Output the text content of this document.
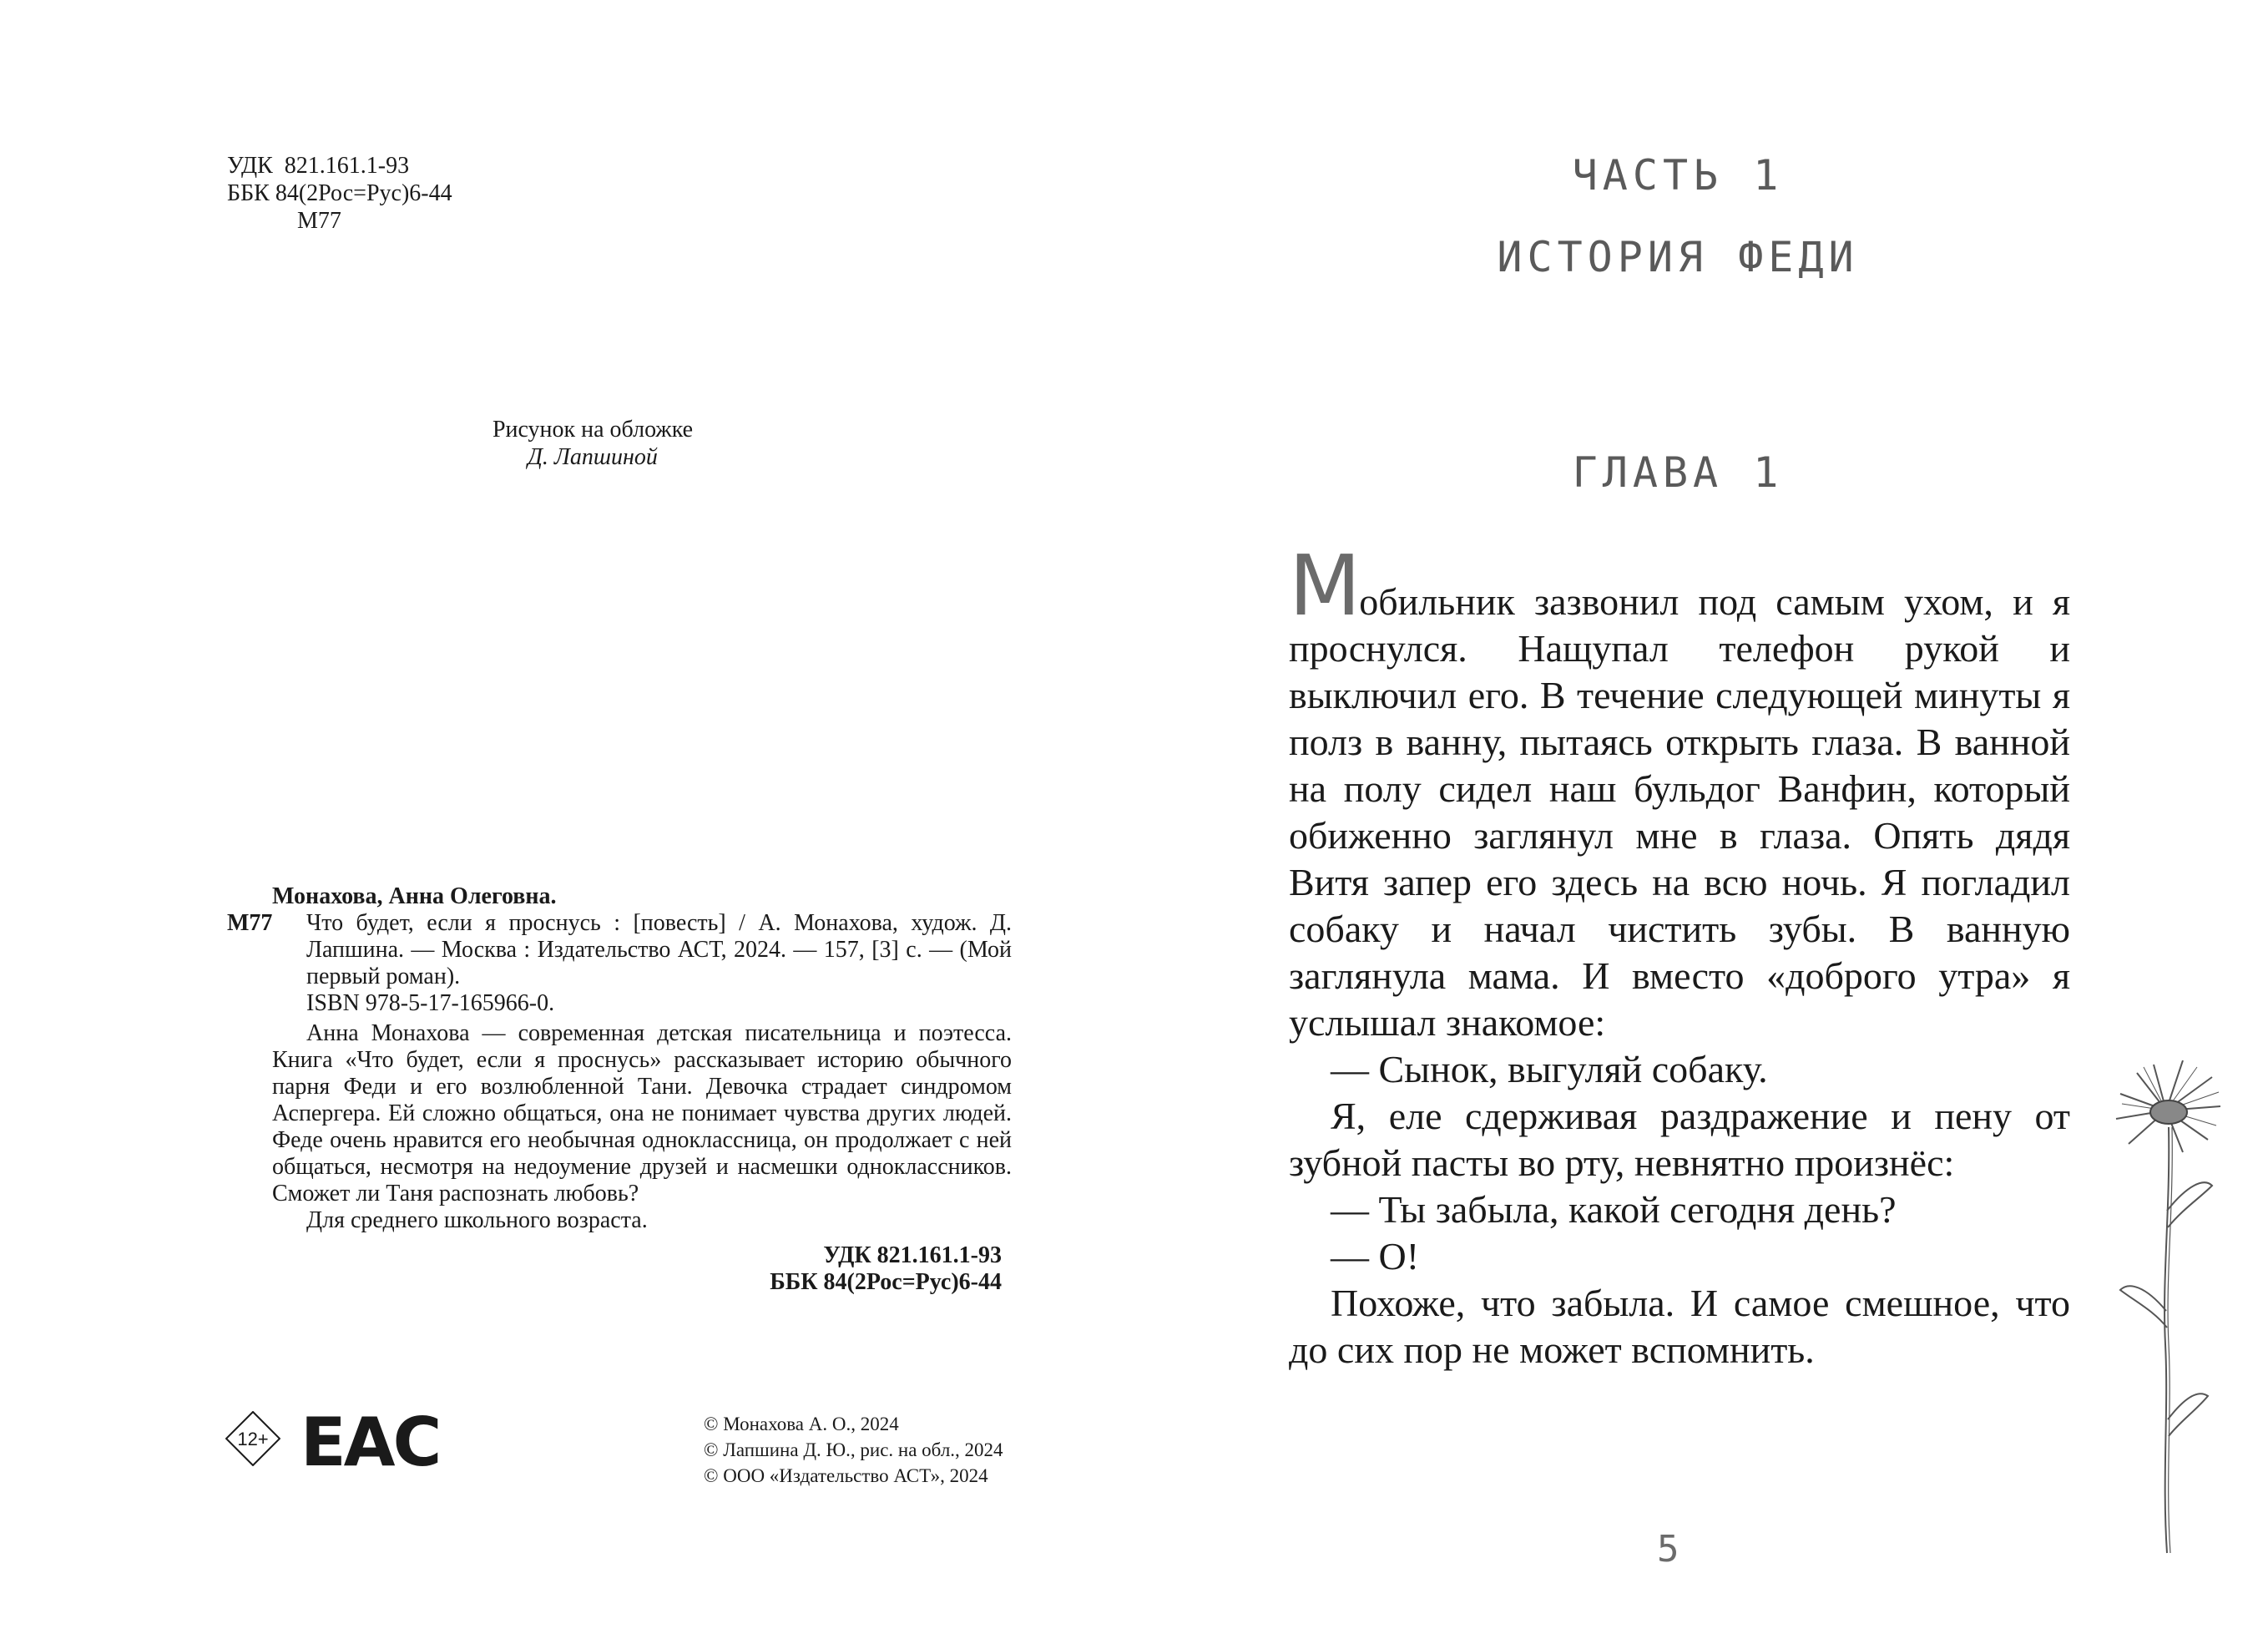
УДК  821.161.1-93
ББК 84(2Рос=Рус)6-44
М77
Рисунок на обложке
Д. Лапшиной
Монахова, Анна Олеговна.
М77	Что будет, если я проснусь : [повесть] / А. Монахова, худож. Д. Лапшина. — Москва : Издательство АСТ, 2024. — 157, [3] с. — (Мой первый роман).
ISBN 978-5-17-165966-0.
Анна Монахова — современная детская писательница и поэтесса. Книга «Что будет, если я проснусь» рассказывает историю обычного парня Феди и его возлюбленной Тани. Девочка страдает синдромом Аспергера. Ей сложно общаться, она не понимает чувства других людей. Феде очень нравится его необычная одноклассница, он продолжает с ней общаться, несмотря на недоумение друзей и насмешки одноклассников. Сможет ли Таня распознать любовь?
Для среднего школьного возраста.
УДК 821.161.1-93
ББК 84(2Рос=Рус)6-44
12+ ЕAC	© Монахова А. О., 2024
© Лапшина Д. Ю., рис. на обл., 2024
© ООО «Издательство АСТ», 2024
ЧАСТЬ 1
ИСТОРИЯ ФЕДИ
ГЛАВА 1

Мобильник зазвонил под самым ухом, и я проснулся. Нащупал телефон рукой и выключил его. В течение следующей минуты я полз в ванну, пытаясь открыть глаза. В ванной на полу сидел наш бульдог Ванфин, который обиженно заглянул мне в глаза. Опять дядя Витя запер его здесь на всю ночь. Я погладил собаку и начал чистить зубы. В ванную заглянула мама. И вместо «доброго утра» я услышал знакомое:

— Сынок, выгуляй собаку.

Я, еле сдерживая раздражение и пену от зубной пасты во рту, невнятно произнёс:

— Ты забыла, какой сегодня день?

— О!

Похоже, что забыла. И самое смешное, что до сих пор не может вспомнить.

5
